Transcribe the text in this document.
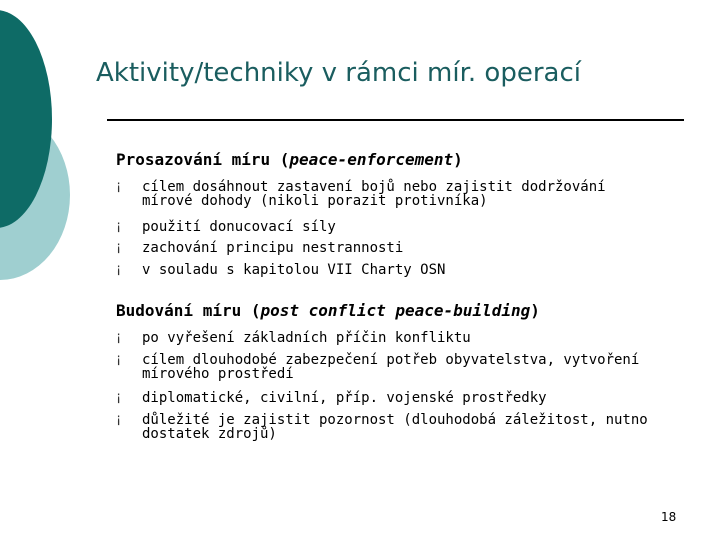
Aktivity/techniky v rámci mír. operací
Prosazování míru (peace-enforcement)
¡ cílem dosáhnout zastavení bojů nebo zajistit dodržování
mírové dohody (nikoli porazit protivníka)
¡ použití donucovací síly
¡ zachování principu nestrannosti
¡ v souladu s kapitolou VII Charty OSN
Budování míru (post conflict peace-building)
¡ po vyřešení základních příčin konfliktu
¡ cílem dlouhodobé zabezpečení potřeb obyvatelstva, vytvoření
mírového prostředí
¡ diplomatické, civilní, příp. vojenské prostředky
¡ důležité je zajistit pozornost (dlouhodobá záležitost, nutno
dostatek zdrojů)
18
